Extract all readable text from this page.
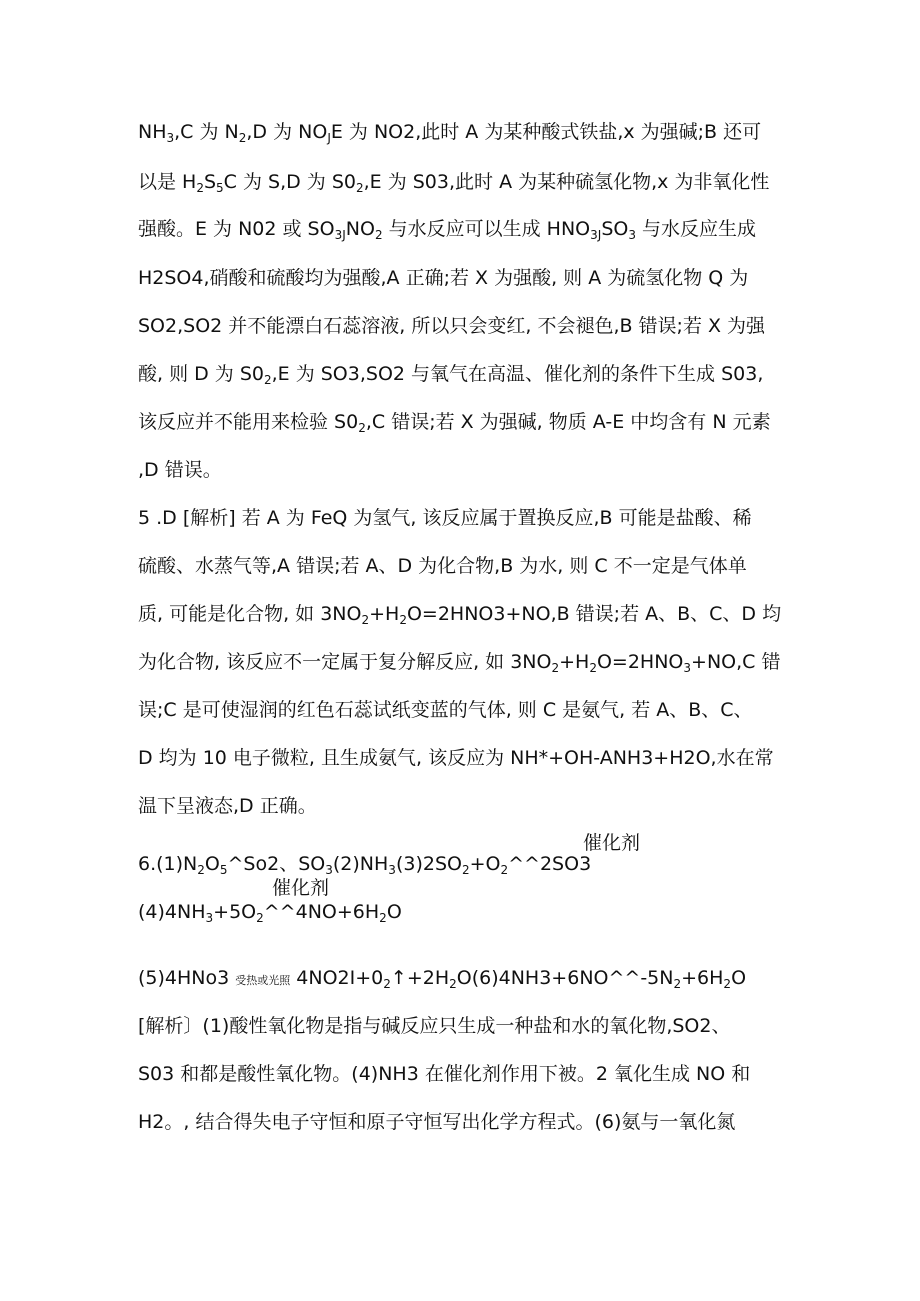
$NH_3,C$ 为 $N_2,D$ 为 $NO_JE$ 为 NO2,此时 A 为某种酸式铁盐,x 为强碱;B 还可
以是 $H_2S_5C$ 为 S,D 为 $S0_2,E$ 为 S03,此时 A 为某种硫氢化物,x 为非氧化性
强酸。E 为 N02 或 $SO_{3J}NO_2$ 与水反应可以生成 $HNO_{3J}SO_3$ 与水反应生成
H2SO4,硝酸和硫酸均为强酸,A 正确;若 X 为强酸, 则 A 为硫氢化物 Q 为
SO2,SO2 并不能漂白石蕊溶液, 所以只会变红, 不会褪色,B 错误;若 X 为强
酸, 则 D 为 $S0_2,E$ 为 SO3,SO2 与氧气在高温、催化剂的条件下生成 S03,
该反应并不能用来检验 $S0_2,C$ 错误;若 X 为强碱, 物质 A-E 中均含有 N 元素
,D 错误。
5 .D [解析] 若 A 为 FeQ 为氢气, 该反应属于置换反应,B 可能是盐酸、稀
硫酸、水蒸气等,A 错误;若 A、D 为化合物,B 为水, 则 C 不一定是气体单
质, 可能是化合物, 如 $3NO_2+H_2O=2HNO3+NO,B$ 错误;若 A、B、C、D 均
为化合物, 该反应不一定属于复分解反应, 如 $3NO_2+H_2O=2HNO_3+NO,C$ 错
误;C 是可使湿润的红色石蕊试纸变蓝的气体, 则 C 是氨气, 若 A、B、C、
D 均为 10 电子微粒, 且生成氨气, 该反应为 NH*+OH-ANH3+H2O,水在常
温下呈液态,D 正确。
催化剂
$6.(1)N_2O_5\^{}So2$、$SO_3(2)NH_3(3)2SO_2+O_2\^{}\^{}2SO3$
催化剂
$(4)4NH_3+5O_2\^{}\^{}4NO+6H_2O$
(5)4HNo3 受热或光照 $4NO2I+0_2↑+2H_2O(6)4NH3+6NO\^{}\^{}-5N_2+6H_2O$
[解析〕(1)酸性氧化物是指与碱反应只生成一种盐和水的氧化物,SO2、
S03 和都是酸性氧化物。(4)NH3 在催化剂作用下被。2 氧化生成 NO 和
H2。, 结合得失电子守恒和原子守恒写出化学方程式。(6)氨与一氧化氮
